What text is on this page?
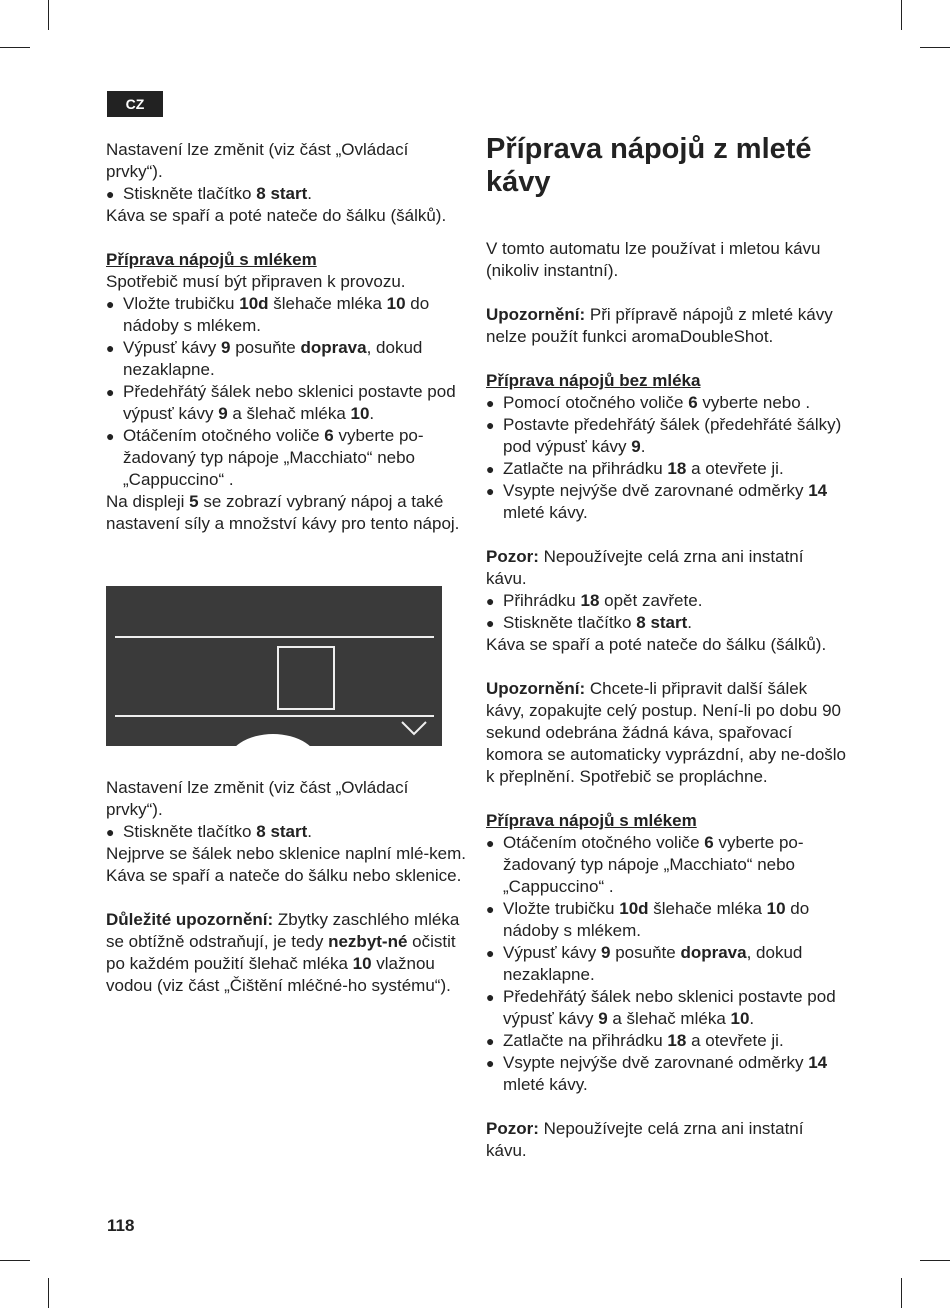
CZ

Nastavení lze změnit (viz část „Ovládací prvky“).

● Stiskněte tlačítko 8 start.

Káva se spaří a poté nateče do šálku (šálků).

Příprava nápojů s mlékem

Spotřebič musí být připraven k provozu.

● Vložte trubičku 10d šlehače mléka 10 do nádoby s mlékem.

● Výpusť kávy 9 posuňte doprava, dokud nezaklapne.

● Předehřátý šálek nebo sklenici postavte pod výpusť kávy 9 a šlehač mléka 10.

● Otáčením otočného voliče 6 vyberte po-žadovaný typ nápoje „Macchiato“ nebo „Cappuccino“ .

Na displeji 5 se zobrazí vybraný nápoj a také nastavení síly a množství kávy pro tento nápoj.

Nastavení lze změnit (viz část „Ovládací prvky“).

● Stiskněte tlačítko 8 start.

Nejprve se šálek nebo sklenice naplní mlé-kem. Káva se spaří a nateče do šálku nebo sklenice.

Důležité upozornění: Zbytky zaschlého mléka se obtížně odstraňují, je tedy nezbyt-né očistit po každém použití šlehač mléka 10 vlažnou vodou (viz část „Čištění mléčné-ho systému“).

Příprava nápojů z mleté kávy

V tomto automatu lze používat i mletou kávu (nikoliv instantní).

Upozornění: Při přípravě nápojů z mleté kávy nelze použít funkci aromaDoubleShot.

Příprava nápojů bez mléka

● Pomocí otočného voliče 6 vyberte nebo .

● Postavte předehřátý šálek (předehřáté šálky) pod výpusť kávy 9.

● Zatlačte na přihrádku 18 a otevřete ji.

● Vsypte nejvýše dvě zarovnané odměrky 14 mleté kávy.

Pozor: Nepoužívejte celá zrna ani instatní kávu.

● Přihrádku 18 opět zavřete.

● Stiskněte tlačítko 8 start.

Káva se spaří a poté nateče do šálku (šálků).

Upozornění: Chcete-li připravit další šálek kávy, zopakujte celý postup. Není-li po dobu 90 sekund odebrána žádná káva, spařovací komora se automaticky vyprázdní, aby ne-došlo k přeplnění. Spotřebič se propláchne.

Příprava nápojů s mlékem

● Otáčením otočného voliče 6 vyberte po-žadovaný typ nápoje „Macchiato“ nebo „Cappuccino“ .

● Vložte trubičku 10d šlehače mléka 10 do nádoby s mlékem.

● Výpusť kávy 9 posuňte doprava, dokud nezaklapne.

● Předehřátý šálek nebo sklenici postavte pod výpusť kávy 9 a šlehač mléka 10.

● Zatlačte na přihrádku 18 a otevřete ji.

● Vsypte nejvýše dvě zarovnané odměrky 14 mleté kávy.

Pozor: Nepoužívejte celá zrna ani instatní kávu.

118
